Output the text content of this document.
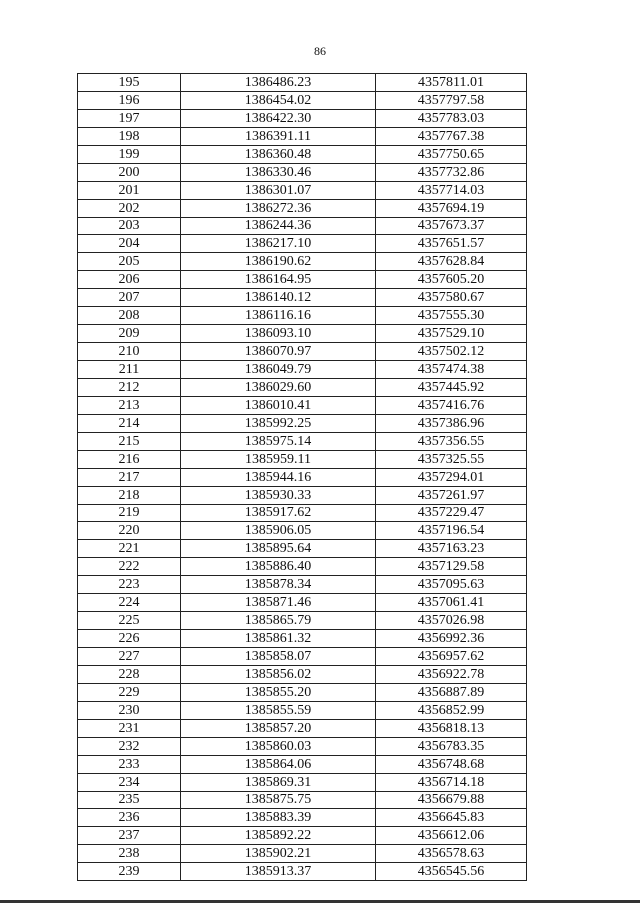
86
195	1386486.23	4357811.01
196	1386454.02	4357797.58
197	1386422.30	4357783.03
198	1386391.11	4357767.38
199	1386360.48	4357750.65
200	1386330.46	4357732.86
201	1386301.07	4357714.03
202	1386272.36	4357694.19
203	1386244.36	4357673.37
204	1386217.10	4357651.57
205	1386190.62	4357628.84
206	1386164.95	4357605.20
207	1386140.12	4357580.67
208	1386116.16	4357555.30
209	1386093.10	4357529.10
210	1386070.97	4357502.12
211	1386049.79	4357474.38
212	1386029.60	4357445.92
213	1386010.41	4357416.76
214	1385992.25	4357386.96
215	1385975.14	4357356.55
216	1385959.11	4357325.55
217	1385944.16	4357294.01
218	1385930.33	4357261.97
219	1385917.62	4357229.47
220	1385906.05	4357196.54
221	1385895.64	4357163.23
222	1385886.40	4357129.58
223	1385878.34	4357095.63
224	1385871.46	4357061.41
225	1385865.79	4357026.98
226	1385861.32	4356992.36
227	1385858.07	4356957.62
228	1385856.02	4356922.78
229	1385855.20	4356887.89
230	1385855.59	4356852.99
231	1385857.20	4356818.13
232	1385860.03	4356783.35
233	1385864.06	4356748.68
234	1385869.31	4356714.18
235	1385875.75	4356679.88
236	1385883.39	4356645.83
237	1385892.22	4356612.06
238	1385902.21	4356578.63
239	1385913.37	4356545.56
